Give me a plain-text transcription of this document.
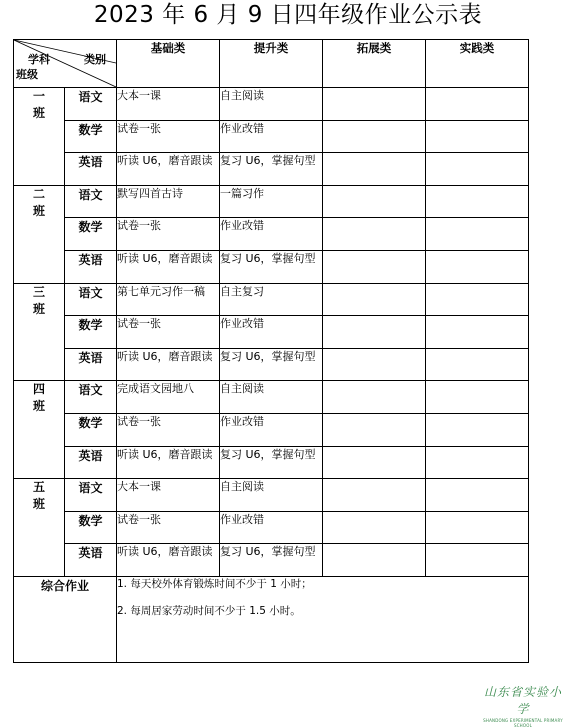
2023 年 6 月 9 日四年级作业公示表
学科 类别
班级		基础类	提升类	拓展类	实践类

一
班	语文	大本一课	自主阅读		
	数学	试卷一张	作业改错		
	英语	听读 U6，磨音跟读	复习 U6，掌握句型		

二
班	语文	默写四首古诗	一篇习作		
	数学	试卷一张	作业改错		
	英语	听读 U6，磨音跟读	复习 U6，掌握句型		

三
班	语文	第七单元习作一稿	自主复习		
	数学	试卷一张	作业改错		
	英语	听读 U6，磨音跟读	复习 U6，掌握句型		

四
班	语文	完成语文园地八	自主阅读		
	数学	试卷一张	作业改错		
	英语	听读 U6，磨音跟读	复习 U6，掌握句型		

五
班	语文	大本一课	自主阅读		
	数学	试卷一张	作业改错		
	英语	听读 U6，磨音跟读	复习 U6，掌握句型		
综合作业		1. 每天校外体育锻炼时间不少于 1 小时；

2. 每周居家劳动时间不少于 1.5 小时。			

山东省实验小学
SHANDONG EXPERIMENTAL PRIMARY SCHOOL
